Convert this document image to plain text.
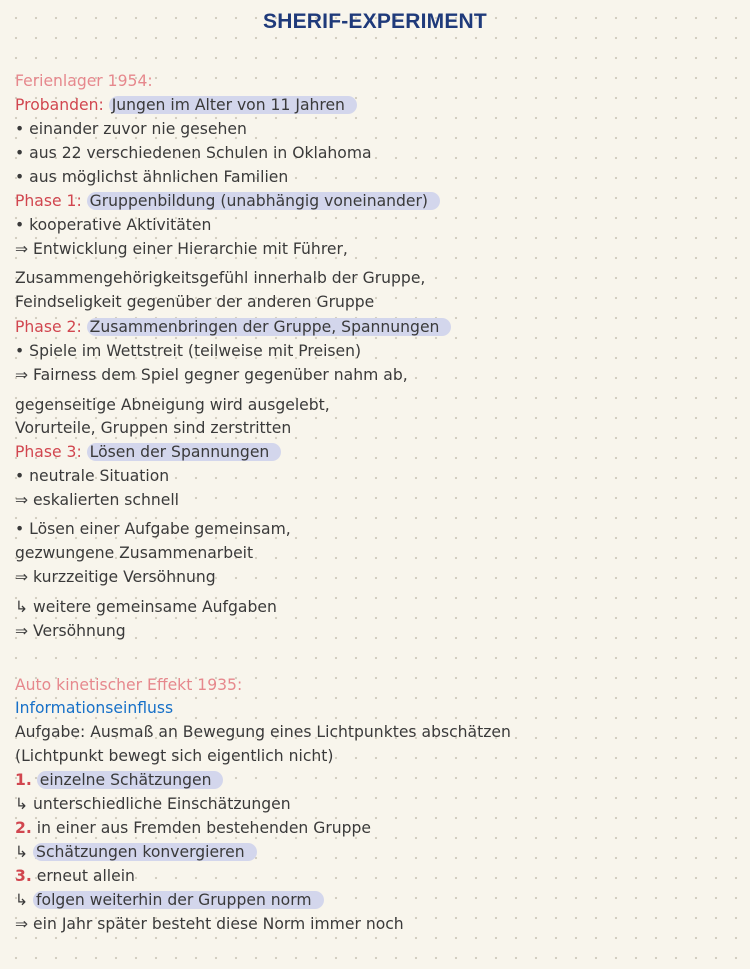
SHERIF-EXPERIMENT
Ferienlager 1954:
Probanden: Jungen im Alter von 11 Jahren
• einander zuvor nie gesehen
• aus 22 verschiedenen Schulen in Oklahoma
• aus möglichst ähnlichen Familien
Phase 1: Gruppenbildung (unabhängig voneinander)
• kooperative Aktivitäten
⇒ Entwicklung einer Hierarchie mit Führer,
Zusammengehörigkeitsgefühl innerhalb der Gruppe,
Feindseligkeit gegenüber der anderen Gruppe
Phase 2: Zusammenbringen der Gruppe, Spannungen
• Spiele im Wettstreit (teilweise mit Preisen)
⇒ Fairness dem Spiel gegner gegenüber nahm ab,
gegenseitige Abneigung wird ausgelebt,
Vorurteile, Gruppen sind zerstritten
Phase 3: Lösen der Spannungen
• neutrale Situation
⇒ eskalierten schnell
• Lösen einer Aufgabe gemeinsam,
gezwungene Zusammenarbeit
⇒ kurzzeitige Versöhnung
↳ weitere gemeinsame Aufgaben
⇒ Versöhnung
Auto kinetischer Effekt 1935:
Informationseinfluss
Aufgabe: Ausmaß an Bewegung eines Lichtpunktes abschätzen
(Lichtpunkt bewegt sich eigentlich nicht)
1. einzelne Schätzungen
↳ unterschiedliche Einschätzungen
2. in einer aus Fremden bestehenden Gruppe
↳ Schätzungen konvergieren
3. erneut allein
↳ folgen weiterhin der Gruppen norm
⇒ ein Jahr später besteht diese Norm immer noch
